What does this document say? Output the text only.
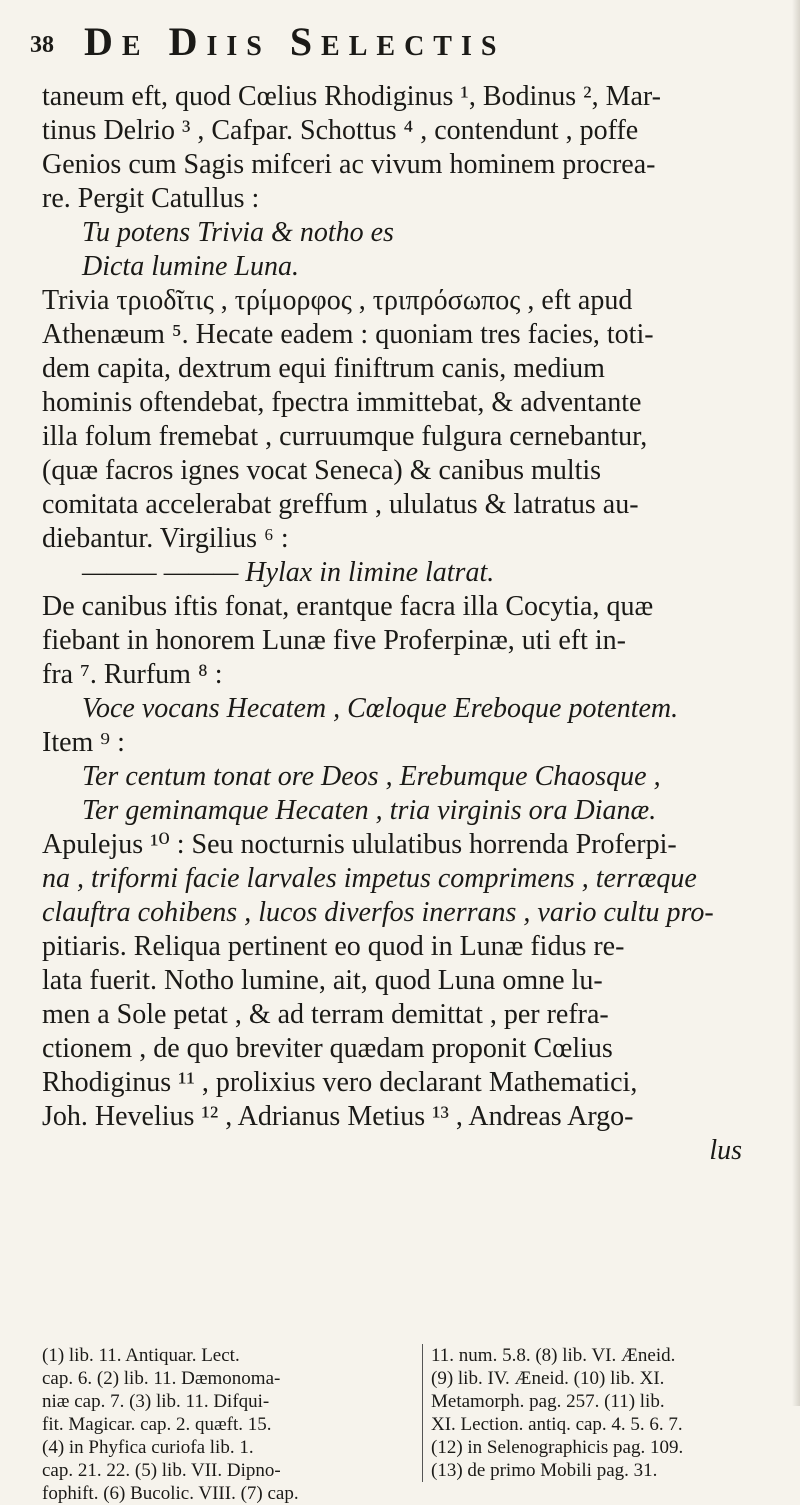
38 De Diis Selectis
taneum eft, quod Cœlius Rhodiginus ¹, Bodinus ², Mar-
tinus Delrio ³ , Cafpar. Schottus ⁴ , contendunt , poffe
Genios cum Sagis mifceri ac vivum hominem procrea-
re. Pergit Catullus :
Tu potens Trivia & notho es
Dicta lumine Luna.
Trivia τριοδῖτις , τρίμορφος , τριπρόσωπος , eft apud
Athenæum ⁵. Hecate eadem : quoniam tres facies, toti-
dem capita, dextrum equi finiftrum canis, medium
hominis oftendebat, fpectra immittebat, & adventante
illa folum fremebat , curruumque fulgura cernebantur,
(quæ facros ignes vocat Seneca) & canibus multis
comitata accelerabat greffum , ululatus & latratus au-
diebantur. Virgilius ⁶ :
——— ——— Hylax in limine latrat.
De canibus iftis fonat, erantque facra illa Cocytia, quæ
fiebant in honorem Lunæ five Proferpinæ, uti eft in-
fra ⁷. Rurfum ⁸ :
Voce vocans Hecatem , Cœloque Ereboque potentem.
Item ⁹ :
Ter centum tonat ore Deos , Erebumque Chaosque ,
Ter geminamque Hecaten , tria virginis ora Dianæ.
Apulejus ¹⁰ : Seu nocturnis ululatibus horrenda Proferpi-
na , triformi facie larvales impetus comprimens , terræque
clauftra cohibens , lucos diverfos inerrans , vario cultu pro-
pitiaris. Reliqua pertinent eo quod in Lunæ fidus re-
lata fuerit. Notho lumine, ait, quod Luna omne lu-
men a Sole petat , & ad terram demittat , per refra-
ctionem , de quo breviter quædam proponit Cœlius
Rhodiginus ¹¹ , prolixius vero declarant Mathematici,
Joh. Hevelius ¹² , Adrianus Metius ¹³ , Andreas Argo-
lus
(1) lib. 11. Antiquar. Lect.
cap. 6. (2) lib. 11. Dæmonoma-
niæ cap. 7. (3) lib. 11. Difqui-
fit. Magicar. cap. 2. quæft. 15.
(4) in Phyfica curiofa lib. 1.
cap. 21. 22. (5) lib. VII. Dipno-
fophift. (6) Bucolic. VIII. (7) cap.
11. num. 5.8. (8) lib. VI. Æneid.
(9) lib. IV. Æneid. (10) lib. XI.
Metamorph. pag. 257. (11) lib.
XI. Lection. antiq. cap. 4. 5. 6. 7.
(12) in Selenographicis pag. 109.
(13) de primo Mobili pag. 31.
